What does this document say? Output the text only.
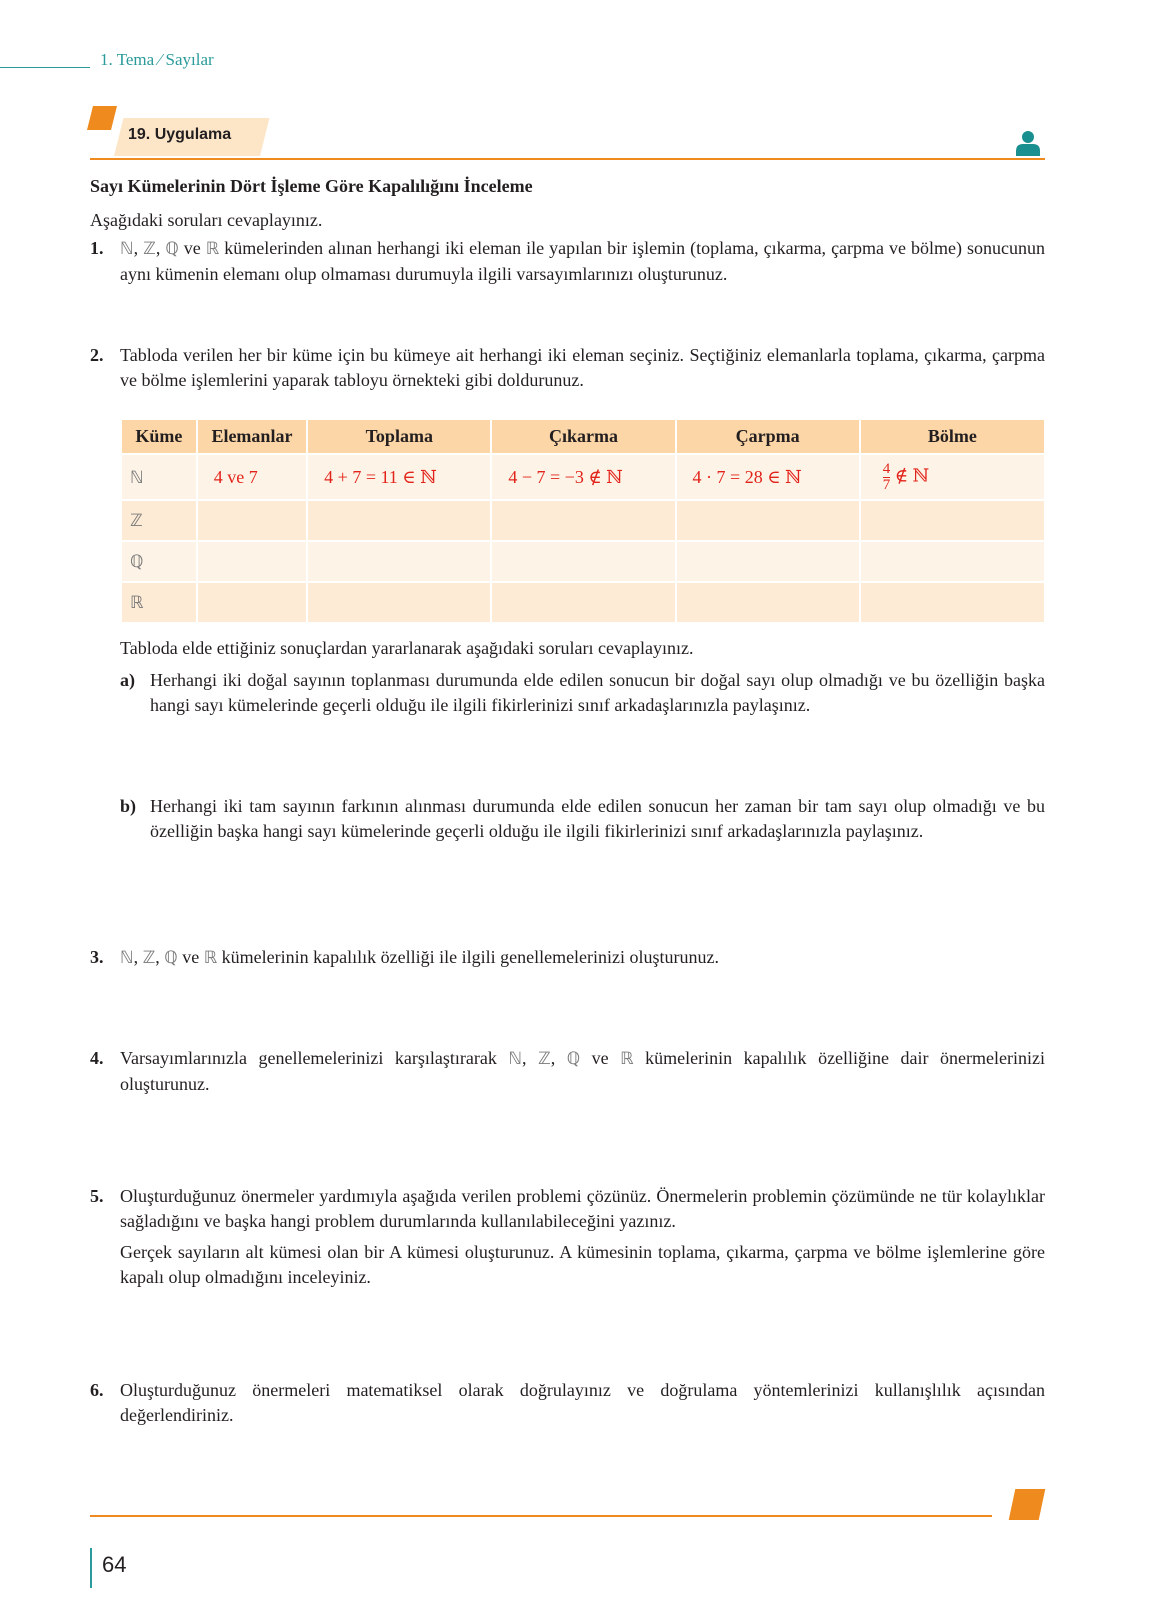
1. Tema ⁄ Sayılar
19. Uygulama
Sayı Kümelerinin Dört İşleme Göre Kapalılığını İnceleme
Aşağıdaki soruları cevaplayınız.
1. ℕ, ℤ, ℚ ve ℝ kümelerinden alınan herhangi iki eleman ile yapılan bir işlemin (toplama, çıkarma, çarpma ve bölme) sonucunun aynı kümenin elemanı olup olmaması durumuyla ilgili varsayımlarınızı oluşturunuz.
2. Tabloda verilen her bir küme için bu kümeye ait herhangi iki eleman seçiniz. Seçtiğiniz elemanlarla toplama, çıkarma, çarpma ve bölme işlemlerini yaparak tabloyu örnekteki gibi doldurunuz.
Küme	Elemanlar	Toplama	Çıkarma	Çarpma	Bölme
ℕ	4 ve 7	4 + 7 = 11 ∈ ℕ	4 − 7 = −3 ∉ ℕ	4 · 7 = 28 ∈ ℕ	$\frac{4}{7}$ ∉ ℕ
ℤ					
ℚ					
ℝ					
Tabloda elde ettiğiniz sonuçlardan yararlanarak aşağıdaki soruları cevaplayınız.
a) Herhangi iki doğal sayının toplanması durumunda elde edilen sonucun bir doğal sayı olup olmadığı ve bu özelliğin başka hangi sayı kümelerinde geçerli olduğu ile ilgili fikirlerinizi sınıf arkadaşlarınızla paylaşınız.
b) Herhangi iki tam sayının farkının alınması durumunda elde edilen sonucun her zaman bir tam sayı olup olmadığı ve bu özelliğin başka hangi sayı kümelerinde geçerli olduğu ile ilgili fikirlerinizi sınıf arkadaşlarınızla paylaşınız.
3. ℕ, ℤ, ℚ ve ℝ kümelerinin kapalılık özelliği ile ilgili genellemelerinizi oluşturunuz.
4. Varsayımlarınızla genellemelerinizi karşılaştırarak ℕ, ℤ, ℚ ve ℝ kümelerinin kapalılık özelliğine dair önermelerinizi oluşturunuz.
5. Oluşturduğunuz önermeler yardımıyla aşağıda verilen problemi çözünüz. Önermelerin problemin çözümünde ne tür kolaylıklar sağladığını ve başka hangi problem durumlarında kullanılabileceğini yazınız.
Gerçek sayıların alt kümesi olan bir A kümesi oluşturunuz. A kümesinin toplama, çıkarma, çarpma ve bölme işlemlerine göre kapalı olup olmadığını inceleyiniz.
6. Oluşturduğunuz önermeleri matematiksel olarak doğrulayınız ve doğrulama yöntemlerinizi kullanışlılık açısından değerlendiriniz.
64
